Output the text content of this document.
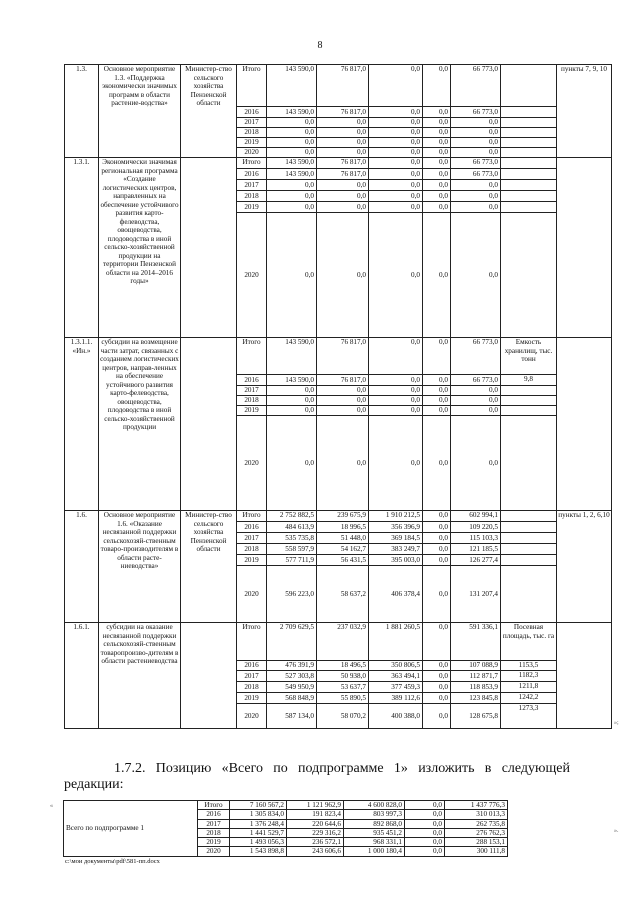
8
1.3.	Основное мероприятие 1.3. «Поддержка экономически значимых программ в области растение-водства»	Министер-ство сельского хозяйства Пензенской области	Итого	143 590,0	76 817,0	0,0	0,0	66 773,0		пункты 7, 9, 10
			2016	143 590,0	76 817,0	0,0	0,0	66 773,0		
			2017	0,0	0,0	0,0	0,0	0,0		
			2018	0,0	0,0	0,0	0,0	0,0		
			2019	0,0	0,0	0,0	0,0	0,0		
			2020	0,0	0,0	0,0	0,0	0,0		
1.3.1.	Экономически значимая региональная программа «Создание логистических центров, направленных на обеспечение устойчивого развития карто-фелеводства, овощеводства, плодоводства в иной сельско-хозяйственной продукции на территории Пензенской области на 2014–2016 годы»		Итого	143 590,0	76 817,0	0,0	0,0	66 773,0		
			2016	143 590,0	76 817,0	0,0	0,0	66 773,0		
			2017	0,0	0,0	0,0	0,0	0,0		
			2018	0,0	0,0	0,0	0,0	0,0		
			2019	0,0	0,0	0,0	0,0	0,0		
			2020	0,0	0,0	0,0	0,0	0,0		
1.3.1.1. «Ин.»	субсидии на возмещение части затрат, связанных с созданием логистических центров, направ-ленных на обеспечение устойчивого развития карто-фелеводства, овощеводства, плодоводства в иной сельско-хозяйственной продукции		Итого	143 590,0	76 817,0	0,0	0,0	66 773,0	Емкость хранилищ, тыс. тонн	
			2016	143 590,0	76 817,0	0,0	0,0	66 773,0	9,8	
			2017	0,0	0,0	0,0	0,0	0,0		
			2018	0,0	0,0	0,0	0,0	0,0		
			2019	0,0	0,0	0,0	0,0	0,0		
			2020	0,0	0,0	0,0	0,0	0,0		
1.6.	Основное мероприятие 1.6. «Оказание несвязанной поддержки сельскохозяй-ственным товаро-производителям в области расте-ниеводства»	Министер-ство сельского хозяйства Пензенской области	Итого	2 752 882,5	239 675,9	1 910 212,5	0,0	602 994,1		пункты 1, 2, 6,10
			2016	484 613,9	18 996,5	356 396,9	0,0	109 220,5		
			2017	535 735,8	51 448,0	369 184,5	0,0	115 103,3		
			2018	558 597,9	54 162,7	383 249,7	0,0	121 185,5		
			2019	577 711,9	56 431,5	395 003,0	0,0	126 277,4		
			2020	596 223,0	58 637,2	406 378,4	0,0	131 207,4		
1.6.1.	субсидии на оказание несвязанной поддержки сельскохозяй-ственным товаропроизво-дителям в области растениеводства		Итого	2 709 629,5	237 032,9	1 881 260,5	0,0	591 336,1	Посевная площадь, тыс. га	
			2016	476 391,9	18 496,5	350 806,5	0,0	107 088,9	1153,5	
			2017	527 303,8	50 938,0	363 494,1	0,0	112 871,7	1182,3	
			2018	549 950,9	53 637,7	377 459,3	0,0	118 853,9	1211,8	
			2019	568 848,9	55 890,5	389 112,6	0,0	123 845,8	1242,2	
			2020	587 134,0	58 070,2	400 388,0	0,0	128 675,8	1273,3	
»;

1.7.2. Позицию «Всего по подпрограмме 1» изложить в следующей редакции:

«
Всего по подпрограмме 1	Итого	7 160 567,2	1 121 962,9	4 600 828,0	0,0	1 437 776,3
	2016	1 305 834,0	191 823,4	803 997,3	0,0	310 013,3
	2017	1 376 248,4	220 644,6	892 868,0	0,0	262 735,8
	2018	1 441 529,7	229 316,2	935 451,2	0,0	276 762,3
	2019	1 493 056,3	236 572,1	968 331,1	0,0	288 153,1
	2020	1 543 898,8	243 606,6	1 000 180,4	0,0	300 111,8
».
c:\мои документы\pdf\581-пп.docx
